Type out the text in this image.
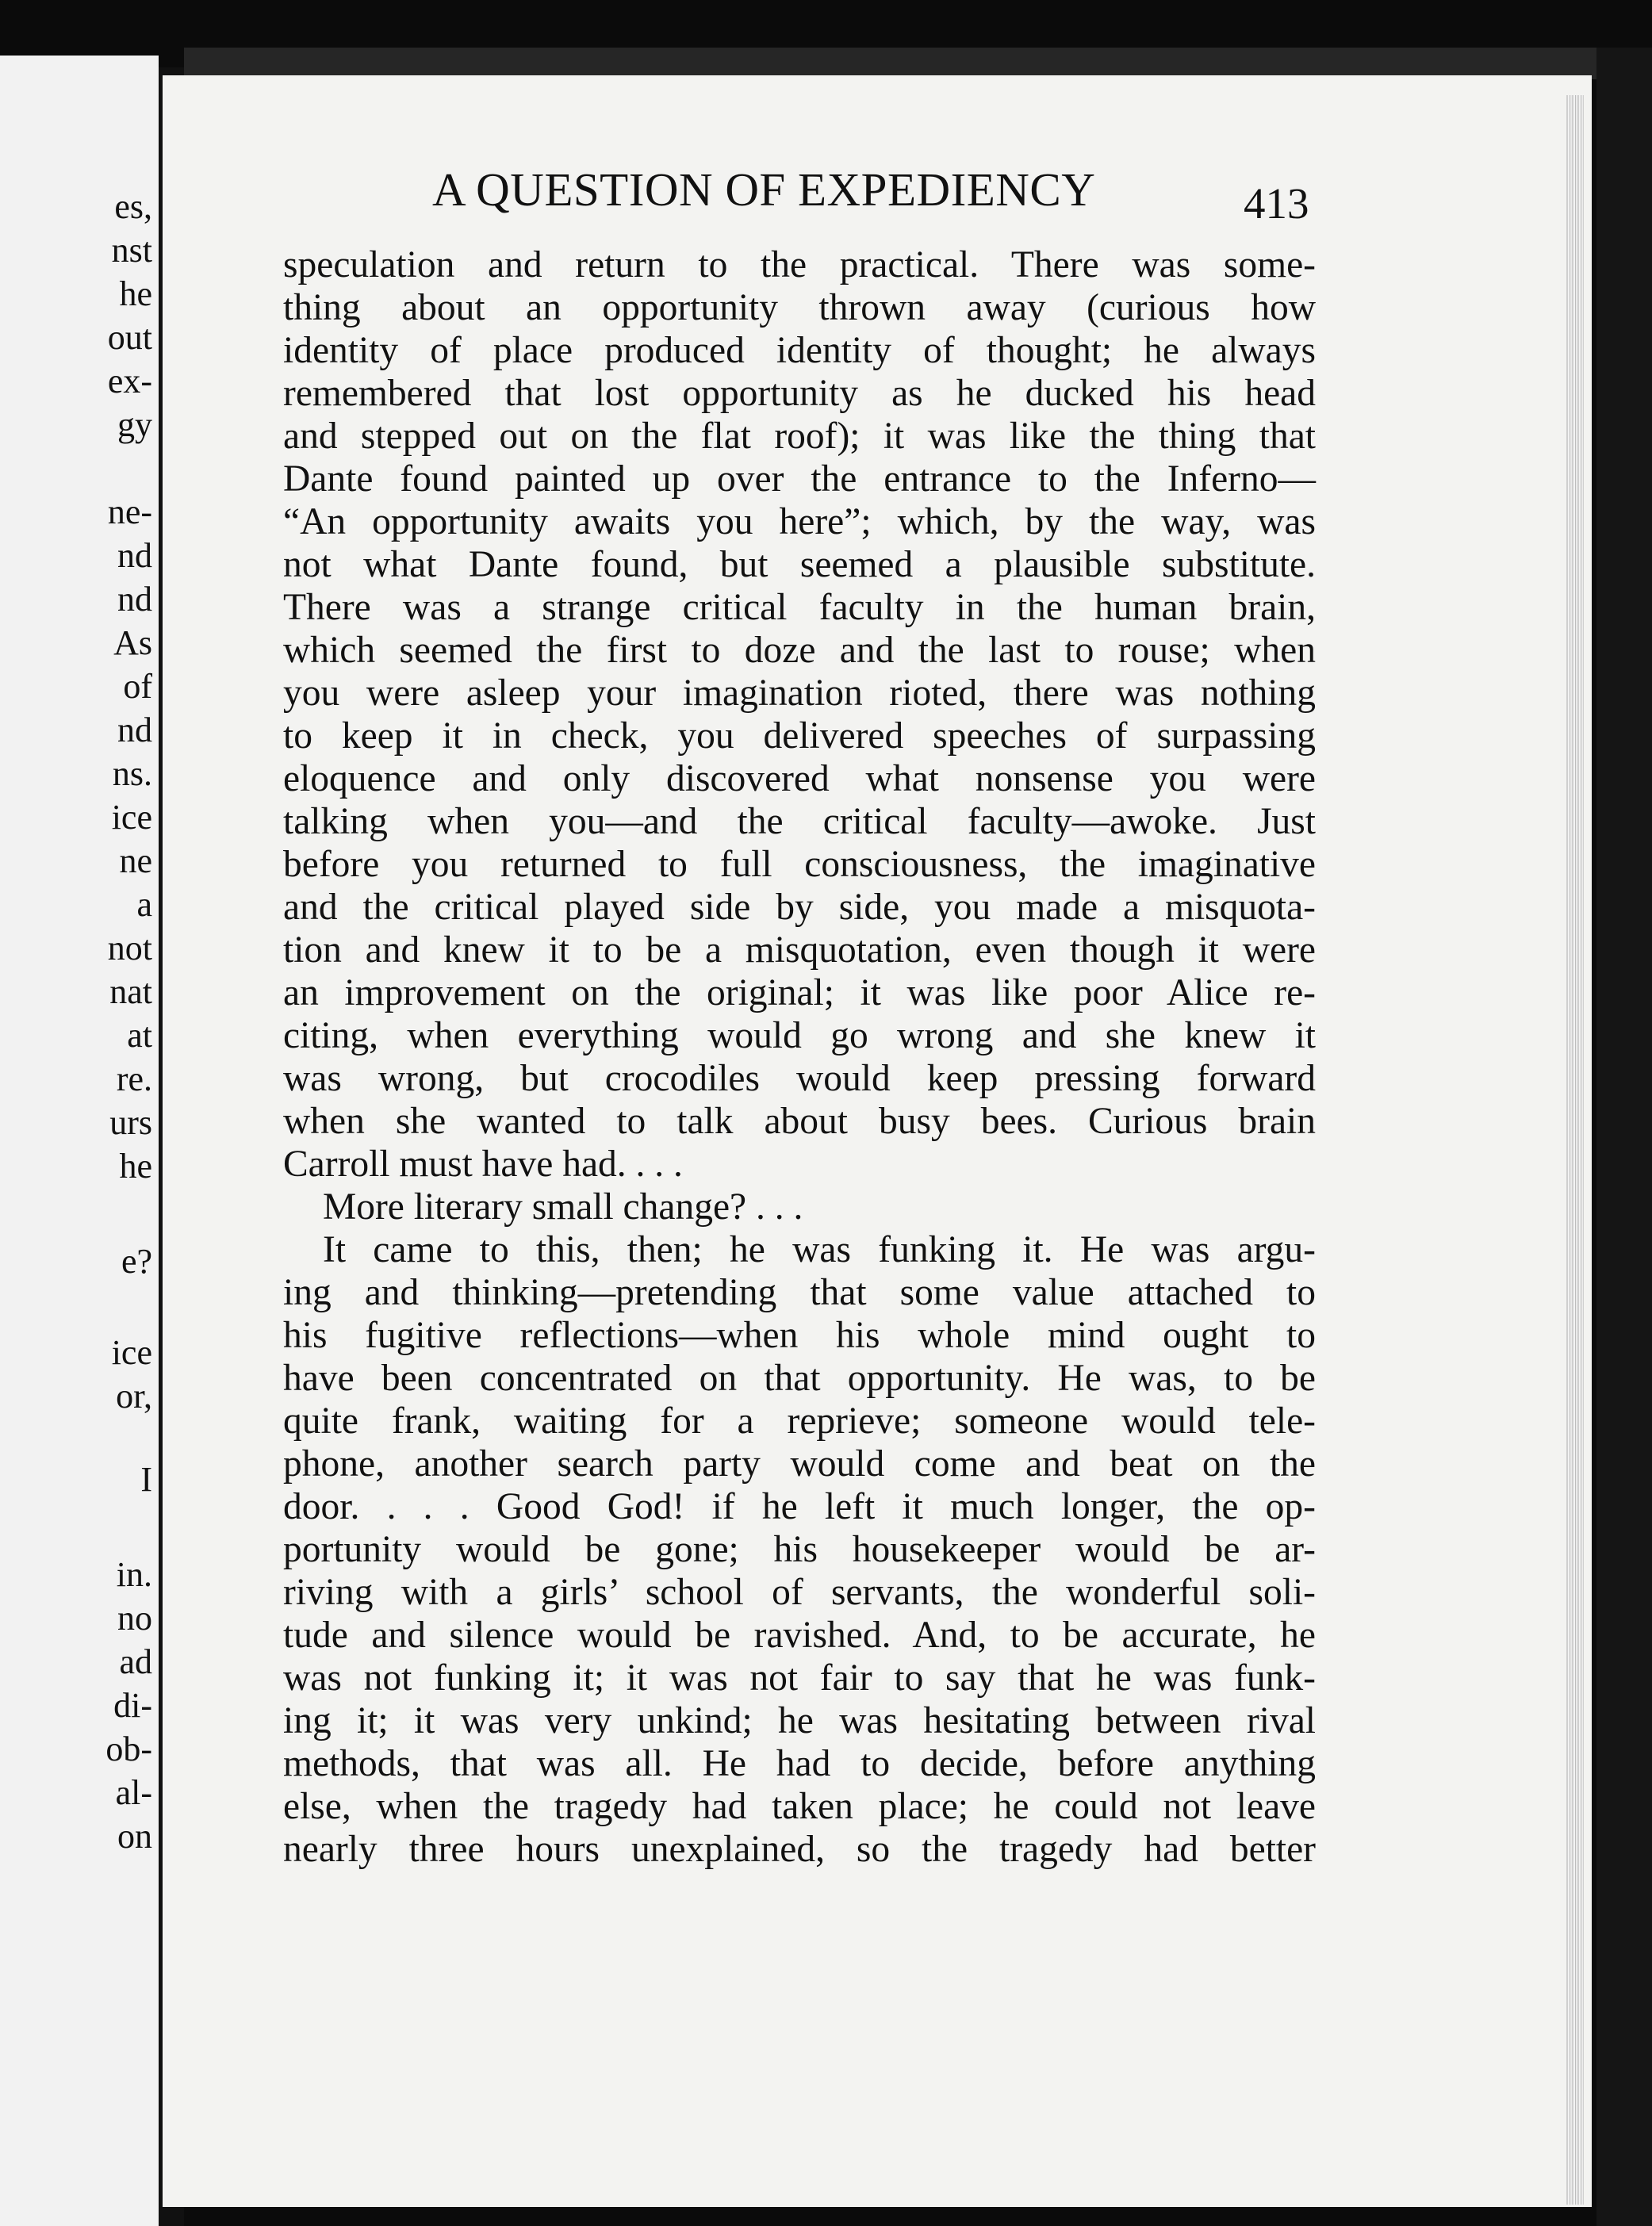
es,
nst
he
out
ex-
gy
ne-
nd
nd
As
of
nd
ns.
ice
ne
a
not
nat
at
re.
urs
he
e?
ice
or,
I
in.
no
ad
di-
ob-
al-
on
A QUESTION OF EXPEDIENCY	413
speculation and return to the practical. There was some-
thing about an opportunity thrown away (curious how
identity of place produced identity of thought; he always
remembered that lost opportunity as he ducked his head
and stepped out on the flat roof); it was like the thing that
Dante found painted up over the entrance to the Inferno—
“An opportunity awaits you here”; which, by the way, was
not what Dante found, but seemed a plausible substitute.
There was a strange critical faculty in the human brain,
which seemed the first to doze and the last to rouse; when
you were asleep your imagination rioted, there was nothing
to keep it in check, you delivered speeches of surpassing
eloquence and only discovered what nonsense you were
talking when you—and the critical faculty—awoke. Just
before you returned to full consciousness, the imaginative
and the critical played side by side, you made a misquota-
tion and knew it to be a misquotation, even though it were
an improvement on the original; it was like poor Alice re-
citing, when everything would go wrong and she knew it
was wrong, but crocodiles would keep pressing forward
when she wanted to talk about busy bees. Curious brain
Carroll must have had. . . .
More literary small change? . . .
It came to this, then; he was funking it. He was argu-
ing and thinking—pretending that some value attached to
his fugitive reflections—when his whole mind ought to
have been concentrated on that opportunity. He was, to be
quite frank, waiting for a reprieve; someone would tele-
phone, another search party would come and beat on the
door. . . . Good God! if he left it much longer, the op-
portunity would be gone; his housekeeper would be ar-
riving with a girls’ school of servants, the wonderful soli-
tude and silence would be ravished. And, to be accurate, he
was not funking it; it was not fair to say that he was funk-
ing it; it was very unkind; he was hesitating between rival
methods, that was all. He had to decide, before anything
else, when the tragedy had taken place; he could not leave
nearly three hours unexplained, so the tragedy had better
